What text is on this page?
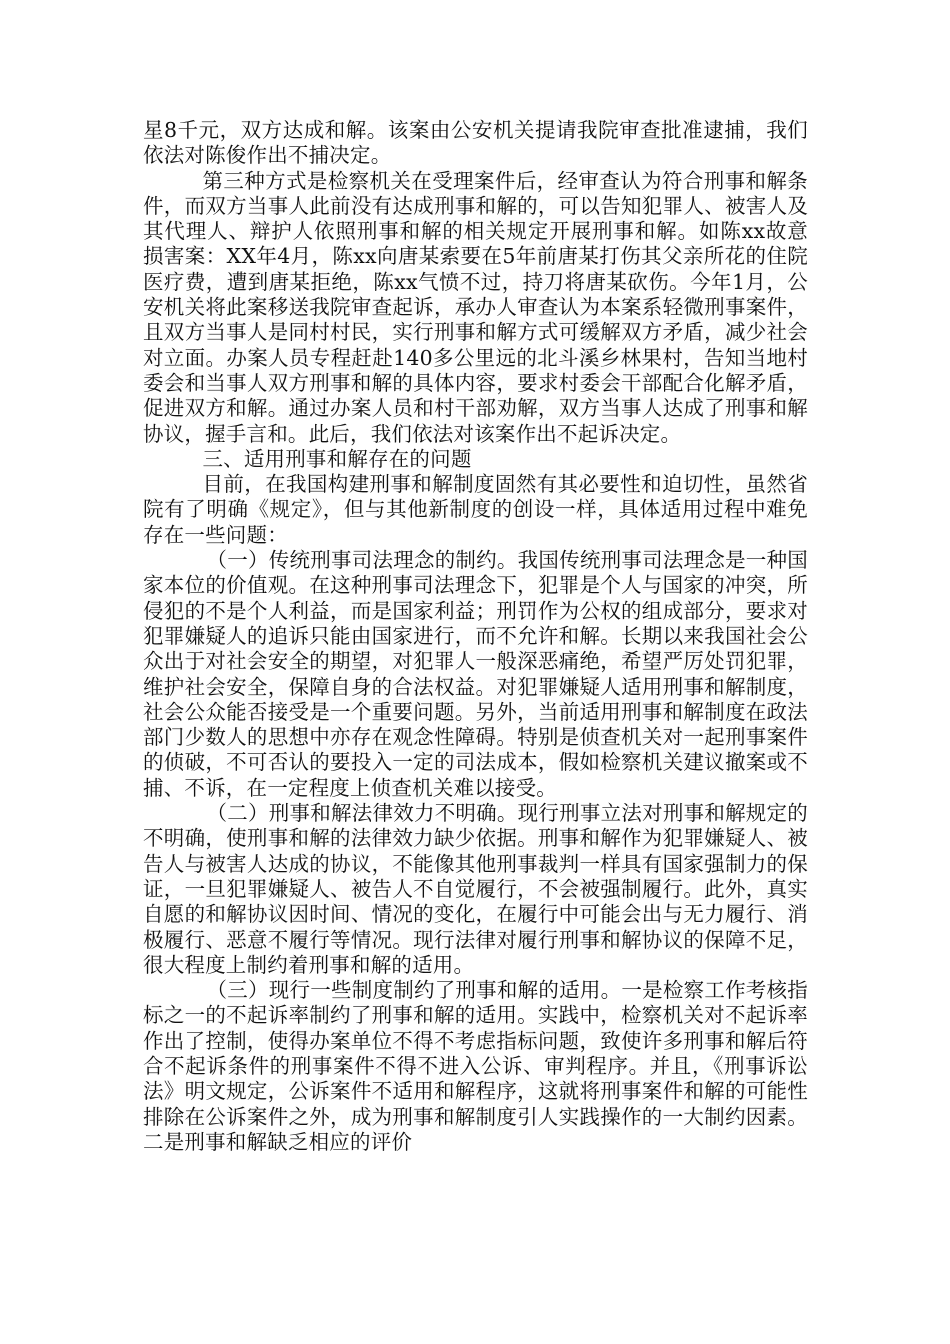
星8千元，双方达成和解。该案由公安机关提请我院审查批准逮捕，我们依法对陈俊作出不捕决定。

第三种方式是检察机关在受理案件后，经审查认为符合刑事和解条件，而双方当事人此前没有达成刑事和解的，可以告知犯罪人、被害人及其代理人、辩护人依照刑事和解的相关规定开展刑事和解。如陈xx故意损害案：XX年4月，陈xx向唐某索要在5年前唐某打伤其父亲所花的住院医疗费，遭到唐某拒绝，陈xx气愤不过，持刀将唐某砍伤。今年1月，公安机关将此案移送我院审查起诉，承办人审查认为本案系轻微刑事案件，且双方当事人是同村村民，实行刑事和解方式可缓解双方矛盾，减少社会对立面。办案人员专程赶赴140多公里远的北斗溪乡林果村，告知当地村委会和当事人双方刑事和解的具体内容，要求村委会干部配合化解矛盾，促进双方和解。通过办案人员和村干部劝解，双方当事人达成了刑事和解协议，握手言和。此后，我们依法对该案作出不起诉决定。

三、适用刑事和解存在的问题

目前，在我国构建刑事和解制度固然有其必要性和迫切性，虽然省院有了明确《规定》，但与其他新制度的创设一样，具体适用过程中难免存在一些问题：

（一）传统刑事司法理念的制约。我国传统刑事司法理念是一种国家本位的价值观。在这种刑事司法理念下，犯罪是个人与国家的冲突，所侵犯的不是个人利益，而是国家利益；刑罚作为公权的组成部分，要求对犯罪嫌疑人的追诉只能由国家进行，而不允许和解。长期以来我国社会公众出于对社会安全的期望，对犯罪人一般深恶痛绝，希望严厉处罚犯罪，维护社会安全，保障自身的合法权益。对犯罪嫌疑人适用刑事和解制度，社会公众能否接受是一个重要问题。另外，当前适用刑事和解制度在政法部门少数人的思想中亦存在观念性障碍。特别是侦查机关对一起刑事案件的侦破，不可否认的要投入一定的司法成本，假如检察机关建议撤案或不捕、不诉，在一定程度上侦查机关难以接受。

（二）刑事和解法律效力不明确。现行刑事立法对刑事和解规定的不明确，使刑事和解的法律效力缺少依据。刑事和解作为犯罪嫌疑人、被告人与被害人达成的协议，不能像其他刑事裁判一样具有国家强制力的保证，一旦犯罪嫌疑人、被告人不自觉履行，不会被强制履行。此外，真实自愿的和解协议因时间、情况的变化，在履行中可能会出与无力履行、消极履行、恶意不履行等情况。现行法律对履行刑事和解协议的保障不足，很大程度上制约着刑事和解的适用。

（三）现行一些制度制约了刑事和解的适用。一是检察工作考核指标之一的不起诉率制约了刑事和解的适用。实践中，检察机关对不起诉率作出了控制，使得办案单位不得不考虑指标问题，致使许多刑事和解后符合不起诉条件的刑事案件不得不进入公诉、审判程序。并且，《刑事诉讼法》明文规定，公诉案件不适用和解程序，这就将刑事案件和解的可能性排除在公诉案件之外，成为刑事和解制度引人实践操作的一大制约因素。二是刑事和解缺乏相应的评价
